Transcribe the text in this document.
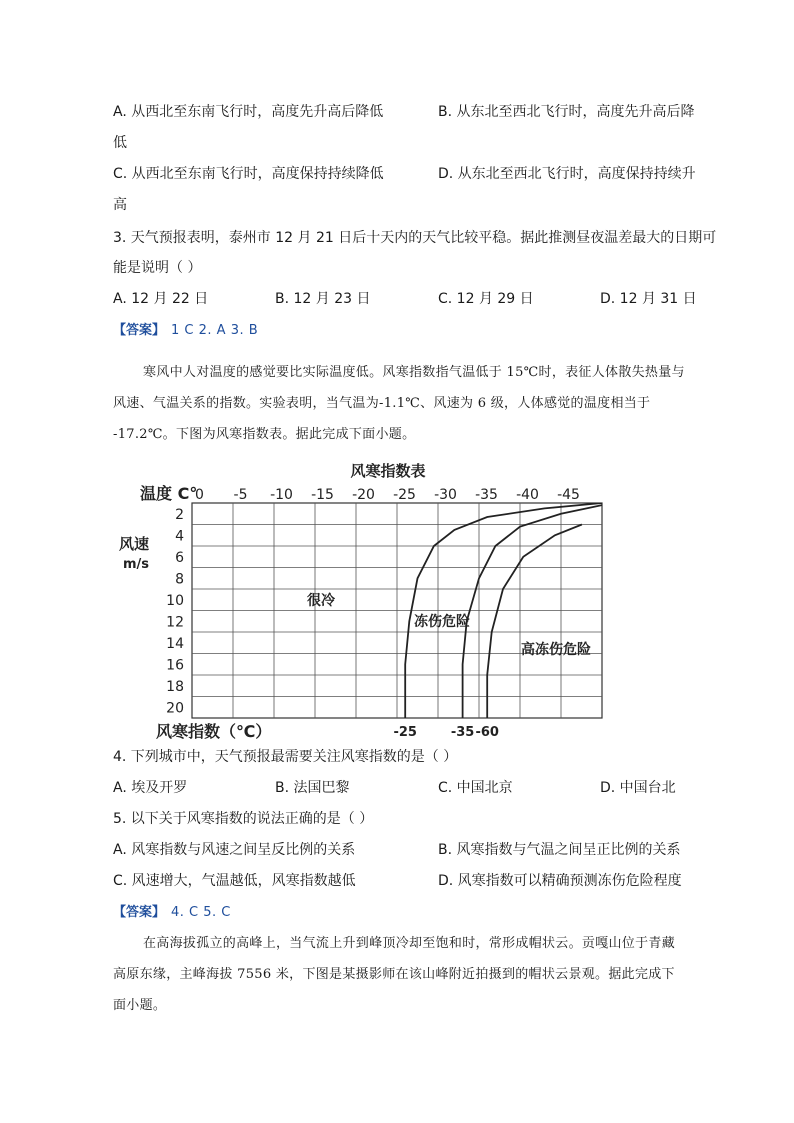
A. 从西北至东南飞行时，高度先升高后降低	B. 从东北至西北飞行时，高度先升高后降
低
C. 从西北至东南飞行时，高度保持持续降低	D. 从东北至西北飞行时，高度保持持续升
高
3. 天气预报表明，泰州市 12 月 21 日后十天内的天气比较平稳。据此推测昼夜温差最大的日期可
能是说明（ ）
A. 12 月 22 日	B. 12 月 23 日	C. 12 月 29 日	D. 12 月 31 日
【答案】 1 C 2. A 3. B
寒风中人对温度的感觉要比实际温度低。风寒指数指气温低于 15℃时，表征人体散失热量与
风速、气温关系的指数。实验表明，当气温为-1.1℃、风速为 6 级，人体感觉的温度相当于
-17.2℃。下图为风寒指数表。据此完成下面小题。
风寒指数表
温度 C°
风速
m/s
0 -5 -10 -15 -20 -25 -30 -35 -40 -45
2
4
6
8
10
12
14
16
18
20
很冷
冻伤危险
高冻伤危险
风寒指数（℃）	-25	-35 -60
4. 下列城市中，天气预报最需要关注风寒指数的是（ ）
A. 埃及开罗	B. 法国巴黎	C. 中国北京	D. 中国台北
5. 以下关于风寒指数的说法正确的是（ ）
A. 风寒指数与风速之间呈反比例的关系	B. 风寒指数与气温之间呈正比例的关系
C. 风速增大，气温越低，风寒指数越低	D. 风寒指数可以精确预测冻伤危险程度
【答案】 4. C 5. C
在高海拔孤立的高峰上，当气流上升到峰顶冷却至饱和时，常形成帽状云。贡嘎山位于青藏
高原东缘，主峰海拔 7556 米，下图是某摄影师在该山峰附近拍摄到的帽状云景观。据此完成下
面小题。
